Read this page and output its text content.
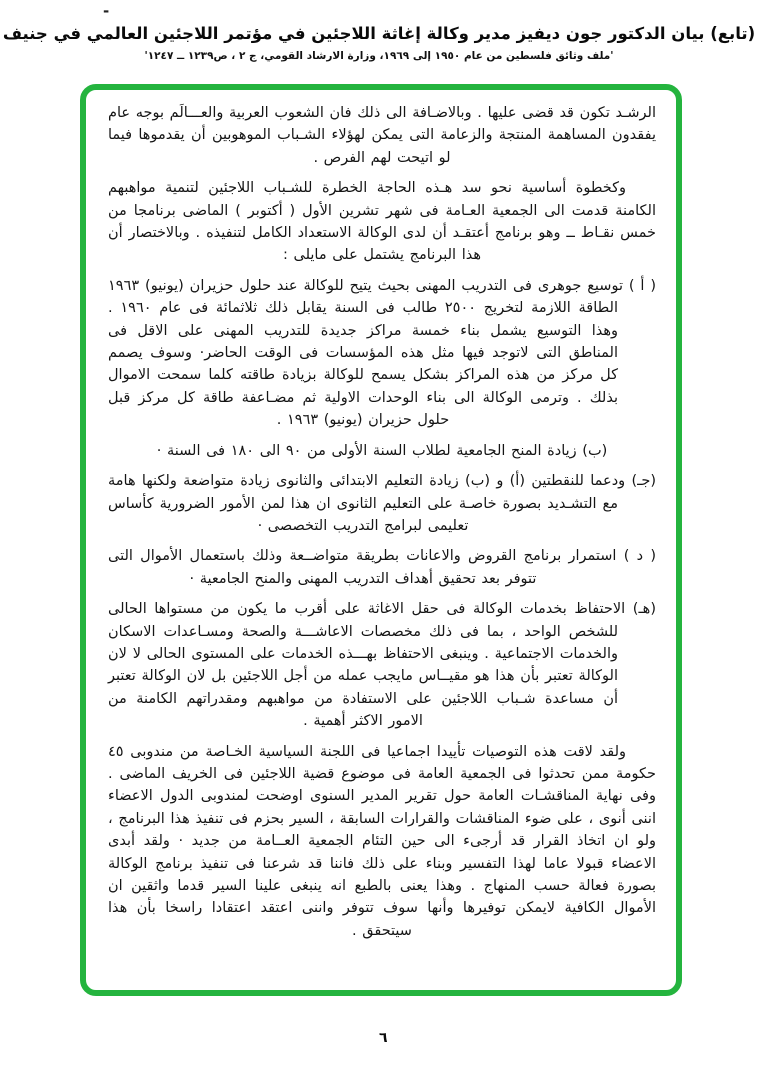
-
(تابع) بيان الدكتور جون ديفيز مدير وكالة إغاثة اللاجئين في مؤتمر اللاجئين العالمي في جنيف
'ملف وثائق فلسطين من عام ١٩٥٠ إلى ١٩٦٩، وزارة الارشاد القومي، ج ٢ ، ص١٢٣٩ ــ ١٢٤٧'
الرشـد تكون قد قضى عليها . وبالاضـافة الى ذلك فان الشعوب العربية والعـــالَم بوجه عام يفقدون المساهمة المنتجة والزعامة التى يمكن لهؤلاء الشـباب الموهوبين أن يقدموها فيما لو اتيحت لهم الفرص .
وكخطوة أساسية نحو سد هـذه الحاجة الخطرة للشـباب اللاجئين لتنمية مواهبهم الكامنة قدمت الى الجمعية العـامة فى شهر تشرين الأول ( أكتوبر ) الماضى برنامجا من خمس نقـاط ــ وهو برنامج أعتقـد أن لدى الوكالة الاستعداد الكامل لتنفيذه . وبالاختصار أن هذا البرنامج يشتمل على مايلى :
( أ ) توسيع جوهرى فى التدريب المهنى بحيث يتيح للوكالة عند حلول حزيران (يونيو) ١٩٦٣ الطاقة اللازمة لتخريج ٢٥٠٠ طالب فى السنة يقابل ذلك ثلاثمائة فى عام ١٩٦٠ . وهذا التوسيع يشمل بناء خمسة مراكز جديدة للتدريب المهنى على الاقل فى المناطق التى لاتوجد فيها مثل هذه المؤسسات فى الوقت الحاضر· وسوف يصمم كل مركز من هذه المراكز بشكل يسمح للوكالة بزيادة طاقته كلما سمحت الاموال بذلك . وترمى الوكالة الى بناء الوحدات الاولية ثم مضـاعفة طاقة كل مركز قبل حلول حزيران (يونيو) ١٩٦٣ .
(ب) زيادة المنح الجامعية لطلاب السنة الأولى من ٩٠ الى ١٨٠ فى السنة ·
(جـ) ودعما للنقطتين (أ) و (ب) زيادة التعليم الابتدائى والثانوى زيادة متواضعة ولكنها هامة مع التشـديد بصورة خاصـة على التعليم الثانوى ان هذا لمن الأمور الضرورية كأساس تعليمى لبرامج التدريب التخصصى ·
( د ) استمرار برنامج القروض والاعانات بطريقة متواضــعة وذلك باستعمال الأموال التى تتوفر بعد تحقيق أهداف التدريب المهنى والمنح الجامعية ·
(هـ) الاحتفاظ بخدمات الوكالة فى حقل الاغاثة على أقرب ما يكون من مستواها الحالى للشخص الواحد ، بما فى ذلك مخصصات الاعاشـــة والصحة ومسـاعدات الاسكان والخدمات الاجتماعية . وينبغى الاحتفاظ بهـــذه الخدمات على المستوى الحالى لا لان الوكالة تعتبر بأن هذا هو مقيــاس مايجب عمله من أجل اللاجئين بل لان الوكالة تعتبر أن مساعدة شـباب اللاجئين على الاستفادة من مواهبهم ومقدراتهم الكامنة من الامور الاكثر أهمية .
ولقد لاقت هذه التوصيات تأييدا اجماعيا فى اللجنة السياسية الخـاصة من مندوبى ٤٥ حكومة ممن تحدثوا فى الجمعية العامة فى موضوع قضية اللاجئين فى الخريف الماضى . وفى نهاية المناقشـات العامة حول تقرير المدير السنوى اوضحت لمندوبى الدول الاعضاء اننى أنوى ، على ضوء المناقشات والقرارات السابقة ، السير بحزم فى تنفيذ هذا البرنامج ، ولو ان اتخاذ القرار قد أرجىء الى حين التئام الجمعية العــامة من جديد · ولقد أبدى الاعضاء قبولا عاما لهذا التفسير وبناء على ذلك فاننا قد شرعنا فى تنفيذ برنامج الوكالة بصورة فعالة حسب المنهاج . وهذا يعنى بالطبع انه ينبغى علينا السير قدما واثقين ان الأموال الكافية لايمكن توفيرها وأنها سوف تتوفر واننى اعتقد اعتقادا راسخا بأن هذا سيتحقق .
٦
